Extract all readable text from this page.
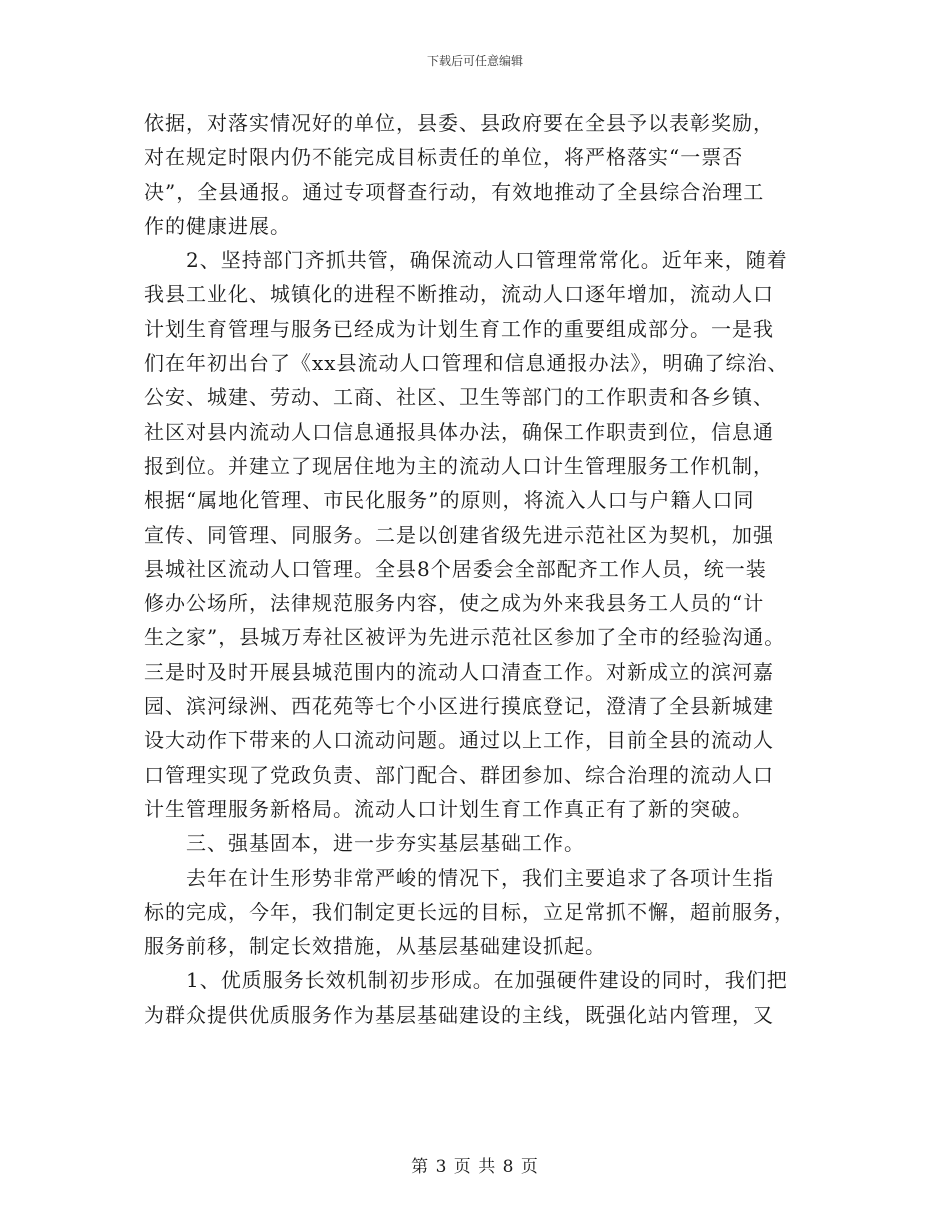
下载后可任意编辑
依据，对落实情况好的单位，县委、县政府要在全县予以表彰奖励，
对在规定时限内仍不能完成目标责任的单位，将严格落实“一票否
决”，全县通报。通过专项督查行动，有效地推动了全县综合治理工
作的健康进展。
　　2、坚持部门齐抓共管，确保流动人口管理常常化。近年来，随着
我县工业化、城镇化的进程不断推动，流动人口逐年增加，流动人口
计划生育管理与服务已经成为计划生育工作的重要组成部分。一是我
们在年初出台了《xx县流动人口管理和信息通报办法》，明确了综治、
公安、城建、劳动、工商、社区、卫生等部门的工作职责和各乡镇、
社区对县内流动人口信息通报具体办法，确保工作职责到位，信息通
报到位。并建立了现居住地为主的流动人口计生管理服务工作机制，
根据“属地化管理、市民化服务”的原则，将流入人口与户籍人口同
宣传、同管理、同服务。二是以创建省级先进示范社区为契机，加强
县城社区流动人口管理。全县8个居委会全部配齐工作人员，统一装
修办公场所，法律规范服务内容，使之成为外来我县务工人员的“计
生之家”，县城万寿社区被评为先进示范社区参加了全市的经验沟通。
三是时及时开展县城范围内的流动人口清查工作。对新成立的滨河嘉
园、滨河绿洲、西花苑等七个小区进行摸底登记，澄清了全县新城建
设大动作下带来的人口流动问题。通过以上工作，目前全县的流动人
口管理实现了党政负责、部门配合、群团参加、综合治理的流动人口
计生管理服务新格局。流动人口计划生育工作真正有了新的突破。
　　三、强基固本，进一步夯实基层基础工作。
　　去年在计生形势非常严峻的情况下，我们主要追求了各项计生指
标的完成，今年，我们制定更长远的目标，立足常抓不懈，超前服务，
服务前移，制定长效措施，从基层基础建设抓起。
　　1、优质服务长效机制初步形成。在加强硬件建设的同时，我们把
为群众提供优质服务作为基层基础建设的主线，既强化站内管理，又
第 3 页 共 8 页
